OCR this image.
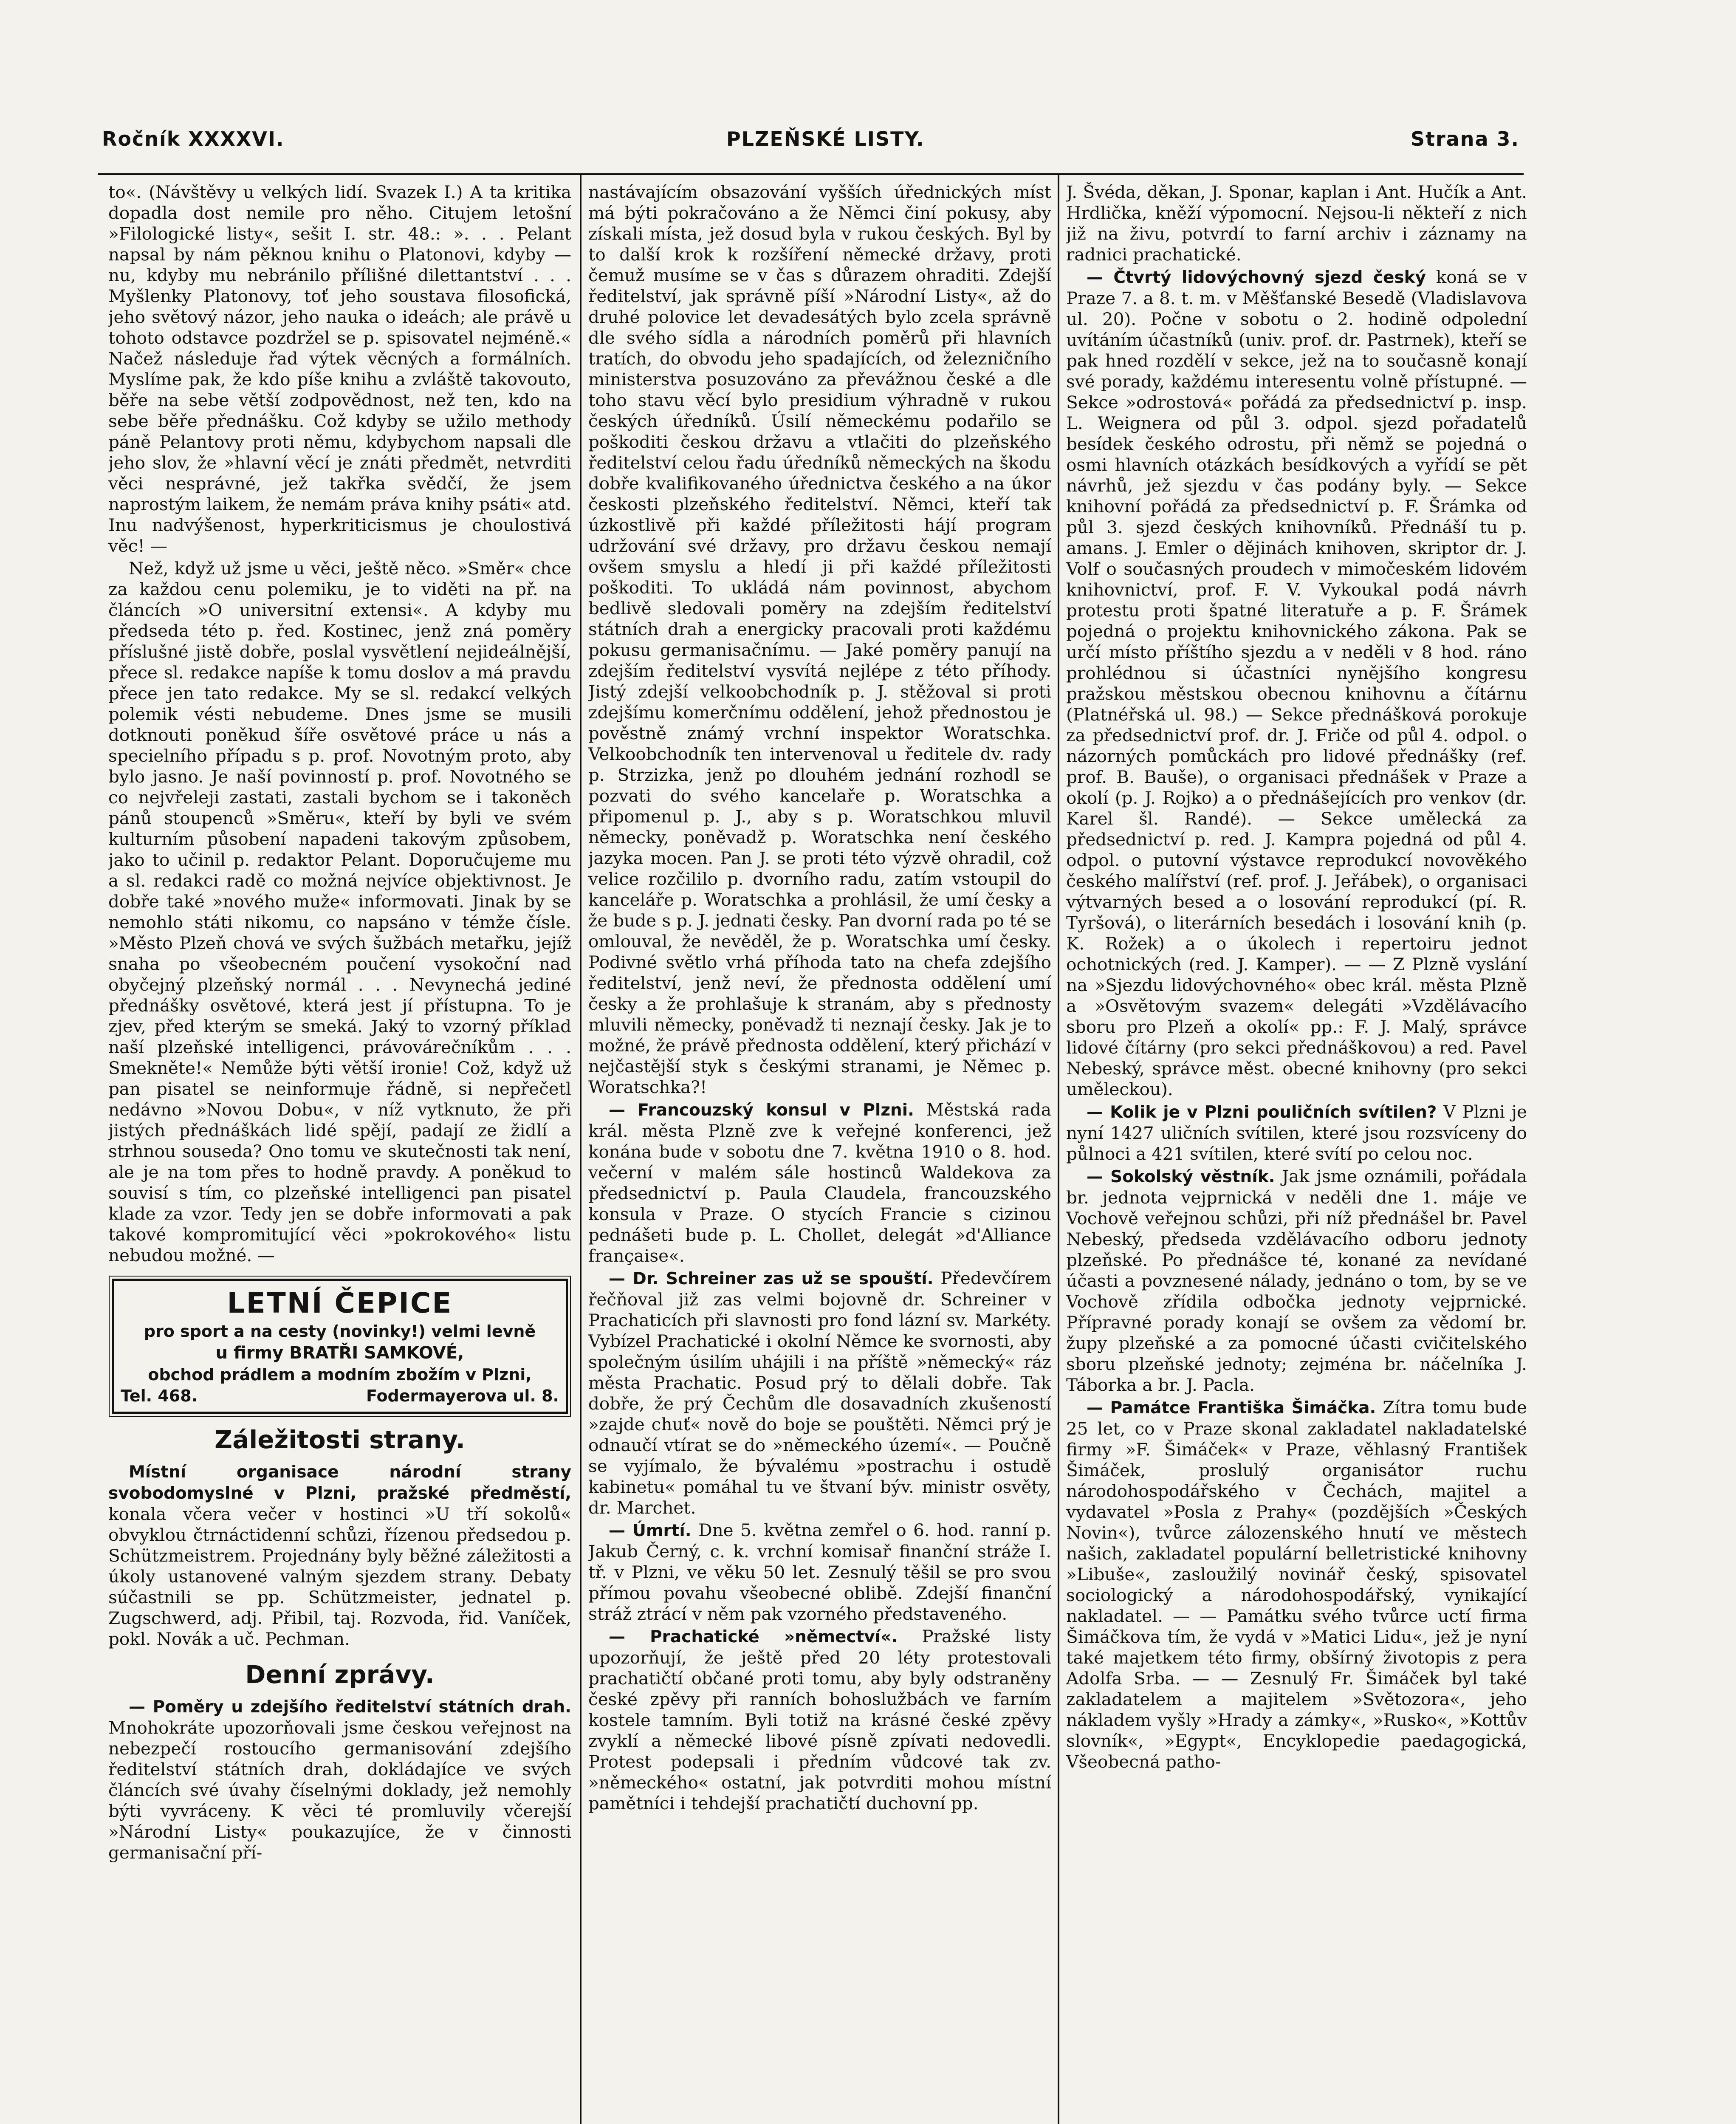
Ročník XXXXVI.	PLZEŇSKÉ LISTY.	Strana 3.

to«. (Návštěvy u velkých lidí. Svazek I.) A ta kritika dopadla dost nemile pro něho. Citujem letošní »Filologické listy«, sešit I. str. 48.: ». . . Pelant napsal by nám pěknou knihu o Platonovi, kdyby — nu, kdyby mu nebránilo přílišné dilettantství . . . Myšlenky Platonovy, toť jeho soustava filosofická, jeho světový názor, jeho nauka o ideách; ale právě u tohoto odstavce pozdržel se p. spisovatel nejméně.« Načež následuje řad výtek věcných a formálních. Myslíme pak, že kdo píše knihu a zvláště takovouto, běře na sebe větší zodpovědnost, než ten, kdo na sebe běře přednášku. Což kdyby se užilo methody páně Pelantovy proti němu, kdybychom napsali dle jeho slov, že »hlavní věcí je znáti předmět, netvrditi věci nesprávné, jež takřka svědčí, že jsem naprostým laikem, že nemám práva knihy psáti« atd. Inu nadvýšenost, hyperkriticismus je choulostivá věc! —

Než, když už jsme u věci, ještě něco. »Směr« chce za každou cenu polemiku, je to viděti na př. na článcích »O universitní extensi«. A kdyby mu předseda této p. řed. Kostinec, jenž zná poměry příslušné jistě dobře, poslal vysvětlení nejideálnější, přece sl. redakce napíše k tomu doslov a má pravdu přece jen tato redakce. My se sl. redakcí velkých polemik vésti nebudeme. Dnes jsme se musili dotknouti poněkud šíře osvětové práce u nás a specielního případu s p. prof. Novotným proto, aby bylo jasno. Je naší povinností p. prof. Novotného se co nejvřeleji zastati, zastali bychom se i takoněch pánů stoupenců »Směru«, kteří by byli ve svém kulturním působení napadeni takovým způsobem, jako to učinil p. redaktor Pelant. Doporučujeme mu a sl. redakci radě co možná nejvíce objektivnost. Je dobře také »nového muže« informovati. Jinak by se nemohlo státi nikomu, co napsáno v témže čísle. »Město Plzeň chová ve svých šužbách metařku, jejíž snaha po všeobecném poučení vysokoční nad obyčejný plzeňský normál . . . Nevynechá jediné přednášky osvětové, která jest jí přístupna. To je zjev, před kterým se smeká. Jaký to vzorný příklad naší plzeňské intelligenci, právovárečníkům . . . Smekněte!« Nemůže býti větší ironie! Což, když už pan pisatel se neinformuje řádně, si nepřečetl nedávno »Novou Dobu«, v níž vytknuto, že při jistých přednáškách lidé spějí, padají ze židlí a strhnou souseda? Ono tomu ve skutečnosti tak není, ale je na tom přes to hodně pravdy. A poněkud to souvisí s tím, co plzeňské intelligenci pan pisatel klade za vzor. Tedy jen se dobře informovati a pak takové kompromitující věci »pokrokového« listu nebudou možné. —

LETNÍ ČEPICE
pro sport a na cesty (novinky!) velmi levně
u firmy BRATŘI SAMKOVÉ,
obchod prádlem a modním zbožím v Plzni,
Tel. 468.	Fodermayerova ul. 8.
Záležitosti strany.

Místní organisace národní strany svobodomyslné v Plzni, pražské předměstí, konala včera večer v hostinci »U tří sokolů« obvyklou čtrnáctidenní schůzi, řízenou předsedou p. Schützmeistrem. Projednány byly běžné záležitosti a úkoly ustanovené valným sjezdem strany. Debaty súčastnili se pp. Schützmeister, jednatel p. Zugschwerd, adj. Přibil, taj. Rozvoda, řid. Vaníček, pokl. Novák a uč. Pechman.

Denní zprávy.

— Poměry u zdejšího ředitelství státních drah. Mnohokráte upozorňovali jsme českou veřejnost na nebezpečí rostoucího germanisování zdejšího ředitelství státních drah, dokládajíce ve svých článcích své úvahy číselnými doklady, jež nemohly býti vyvráceny. K věci té promluvily včerejší »Národní Listy« poukazujíce, že v činnosti germanisační pří-

nastávajícím obsazování vyšších úřednických míst má býti pokračováno a že Němci činí pokusy, aby získali místa, jež dosud byla v rukou českých. Byl by to další krok k rozšíření německé državy, proti čemuž musíme se v čas s důrazem ohraditi. Zdejší ředitelství, jak správně píší »Národní Listy«, až do druhé polovice let devadesátých bylo zcela správně dle svého sídla a národních poměrů při hlavních tratích, do obvodu jeho spadajících, od železničního ministerstva posuzováno za převážnou české a dle toho stavu věcí bylo presidium výhradně v rukou českých úředníků. Úsilí německému podařilo se poškoditi českou državu a vtlačiti do plzeňského ředitelství celou řadu úředníků německých na škodu dobře kvalifikovaného úřednictva českého a na úkor českosti plzeňského ředitelství. Němci, kteří tak úzkostlivě při každé příležitosti hájí program udržování své državy, pro državu českou nemají ovšem smyslu a hledí ji při každé příležitosti poškoditi. To ukládá nám povinnost, abychom bedlivě sledovali poměry na zdejším ředitelství státních drah a energicky pracovali proti každému pokusu germanisačnímu. — Jaké poměry panují na zdejším ředitelství vysvítá nejlépe z této příhody. Jistý zdejší velkoobchodník p. J. stěžoval si proti zdejšímu komerčnímu oddělení, jehož přednostou je pověstně známý vrchní inspektor Woratschka. Velkoobchodník ten intervenoval u ředitele dv. rady p. Strzizka, jenž po dlouhém jednání rozhodl se pozvati do svého kancelaře p. Woratschka a připomenul p. J., aby s p. Woratschkou mluvil německy, poněvadž p. Woratschka není českého jazyka mocen. Pan J. se proti této výzvě ohradil, což velice rozčililo p. dvorního radu, zatím vstoupil do kanceláře p. Woratschka a prohlásil, že umí česky a že bude s p. J. jednati česky. Pan dvorní rada po té se omlouval, že nevěděl, že p. Woratschka umí česky. Podivné světlo vrhá příhoda tato na chefa zdejšího ředitelství, jenž neví, že přednosta oddělení umí česky a že prohlašuje k stranám, aby s přednosty mluvili německy, poněvadž ti neznají česky. Jak je to možné, že právě přednosta oddělení, který přichází v nejčastější styk s českými stranami, je Němec p. Woratschka?!

— Francouzský konsul v Plzni. Městská rada král. města Plzně zve k veřejné konferenci, jež konána bude v sobotu dne 7. května 1910 o 8. hod. večerní v malém sále hostinců Waldekova za předsednictví p. Paula Claudela, francouzského konsula v Praze. O stycích Francie s cizinou pednášeti bude p. L. Chollet, delegát »d'Alliance française«.

— Dr. Schreiner zas už se spouští. Předevčírem řečňoval již zas velmi bojovně dr. Schreiner v Prachaticích při slavnosti pro fond lázní sv. Markéty. Vybízel Prachatické i okolní Němce ke svornosti, aby společným úsilím uhájili i na příště »německý« ráz města Prachatic. Posud prý to dělali dobře. Tak dobře, že prý Čechům dle dosavadních zkušeností »zajde chuť« nově do boje se pouštěti. Němci prý je odnaučí vtírat se do »německého území«. — Poučně se vyjímalo, že bývalému »postrachu i ostudě kabinetu« pomáhal tu ve štvaní býv. ministr osvěty, dr. Marchet.

— Úmrtí. Dne 5. května zemřel o 6. hod. ranní p. Jakub Černý, c. k. vrchní komisař finanční stráže I. tř. v Plzni, ve věku 50 let. Zesnulý těšil se pro svou přímou povahu všeobecné oblibě. Zdejší finanční stráž ztrácí v něm pak vzorného představeného.

— Prachatické »němectví«. Pražské listy upozorňují, že ještě před 20 léty protestovali prachatičtí občané proti tomu, aby byly odstraněny české zpěvy při ranních bohoslužbách ve farním kostele tamním. Byli totiž na krásné české zpěvy zvyklí a německé libové písně zpívati nedovedli. Protest podepsali i předním vůdcové tak zv. »německého« ostatní, jak potvrditi mohou místní pamětníci i tehdejší prachatičtí duchovní pp.

J. Švéda, děkan, J. Sponar, kaplan i Ant. Hučík a Ant. Hrdlička, kněží výpomocní. Nejsou-li někteří z nich již na živu, potvrdí to farní archiv i záznamy na radnici prachatické.

— Čtvrtý lidovýchovný sjezd český koná se v Praze 7. a 8. t. m. v Měšťanské Besedě (Vladislavova ul. 20). Počne v sobotu o 2. hodině odpolední uvítáním účastníků (univ. prof. dr. Pastrnek), kteří se pak hned rozdělí v sekce, jež na to současně konají své porady, každému interesentu volně přístupné. — Sekce »odrostová« pořádá za předsednictví p. insp. L. Weignera od půl 3. odpol. sjezd pořadatelů besídek českého odrostu, při němž se pojedná o osmi hlavních otázkách besídkových a vyřídí se pět návrhů, jež sjezdu v čas podány byly. — Sekce knihovní pořádá za předsednictví p. F. Šrámka od půl 3. sjezd českých knihovníků. Přednáší tu p. amans. J. Emler o dějinách knihoven, skriptor dr. J. Volf o současných proudech v mimočeském lidovém knihovnictví, prof. F. V. Vykoukal podá návrh protestu proti špatné literatuře a p. F. Šrámek pojedná o projektu knihovnického zákona. Pak se určí místo příštího sjezdu a v neděli v 8 hod. ráno prohlédnou si účastníci nynějšího kongresu pražskou městskou obecnou knihovnu a čítárnu (Platnéřská ul. 98.) — Sekce přednášková porokuje za předsednictví prof. dr. J. Friče od půl 4. odpol. o názorných pomůckách pro lidové přednášky (ref. prof. B. Bauše), o organisaci přednášek v Praze a okolí (p. J. Rojko) a o přednášejících pro venkov (dr. Karel šl. Randé). — Sekce umělecká za předsednictví p. red. J. Kampra pojedná od půl 4. odpol. o putovní výstavce reprodukcí novověkého českého malířství (ref. prof. J. Jeřábek), o organisaci výtvarných besed a o losování reprodukcí (pí. R. Tyršová), o literárních besedách i losování knih (p. K. Rožek) a o úkolech i repertoiru jednot ochotnických (red. J. Kamper). — — Z Plzně vyslání na »Sjezdu lidovýchovného« obec král. města Plzně a »Osvětovým svazem« delegáti »Vzdělávacího sboru pro Plzeň a okolí« pp.: F. J. Malý, správce lidové čítárny (pro sekci přednáškovou) a red. Pavel Nebeský, správce měst. obecné knihovny (pro sekci uměleckou).

— Kolik je v Plzni pouličních svítilen? V Plzni je nyní 1427 uličních svítilen, které jsou rozsvíceny do půlnoci a 421 svítilen, které svítí po celou noc.

— Sokolský věstník. Jak jsme oznámili, pořádala br. jednota vejprnická v neděli dne 1. máje ve Vochově veřejnou schůzi, při níž přednášel br. Pavel Nebeský, předseda vzdělávacího odboru jednoty plzeňské. Po přednášce té, konané za nevídané účasti a povznesené nálady, jednáno o tom, by se ve Vochově zřídila odbočka jednoty vejprnické. Přípravné porady konají se ovšem za vědomí br. župy plzeňské a za pomocné účasti cvičitelského sboru plzeňské jednoty; zejména br. náčelníka J. Táborka a br. J. Pacla.

— Památce Františka Šimáčka. Zítra tomu bude 25 let, co v Praze skonal zakladatel nakladatelské firmy »F. Šimáček« v Praze, věhlasný František Šimáček, proslulý organisátor ruchu národohospodářského v Čechách, majitel a vydavatel »Posla z Prahy« (pozdějších »Českých Novin«), tvůrce zálozenského hnutí ve městech našich, zakladatel populární belletristické knihovny »Libuše«, zasloužilý novinář český, spisovatel sociologický a národohospodářský, vynikající nakladatel. — — Památku svého tvůrce uctí firma Šimáčkova tím, že vydá v »Matici Lidu«, jež je nyní také majetkem této firmy, obšírný životopis z pera Adolfa Srba. — — Zesnulý Fr. Šimáček byl také zakladatelem a majitelem »Světozora«, jeho nákladem vyšly »Hrady a zámky«, »Rusko«, »Kottův slovník«, »Egypt«, Encyklopedie paedagogická, Všeobecná patho-
